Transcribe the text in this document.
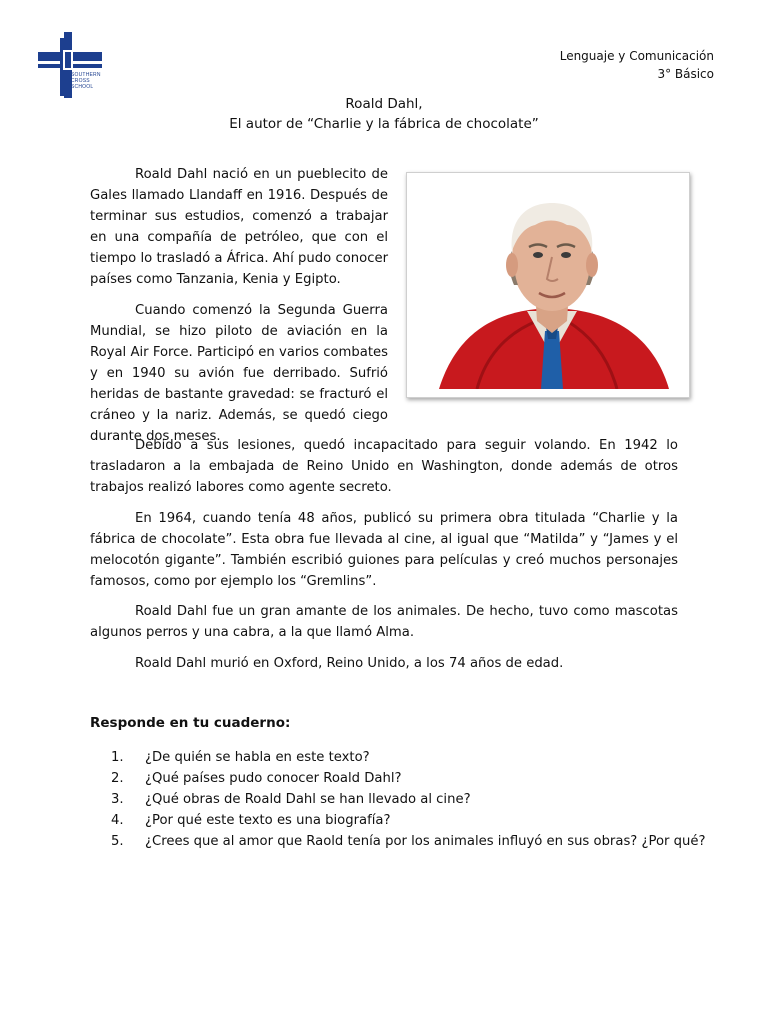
SOUTHERN
CROSS
SCHOOL
Lenguaje y Comunicación
3° Básico
Roald Dahl,
El autor de “Charlie y la fábrica de chocolate”

Roald Dahl nació en un pueblecito de Gales llamado Llandaff en 1916. Después de terminar sus estudios, comenzó a trabajar en una compañía de petróleo, que con el tiempo lo trasladó a África. Ahí pudo conocer países como Tanzania, Kenia y Egipto.

Cuando comenzó la Segunda Guerra Mundial, se hizo piloto de aviación en la Royal Air Force. Participó en varios combates y en 1940 su avión fue derribado. Sufrió heridas de bastante gravedad: se fracturó el cráneo y la nariz. Además, se quedó ciego durante dos meses.

Debido a sus lesiones, quedó incapacitado para seguir volando. En 1942 lo trasladaron a la embajada de Reino Unido en Washington, donde además de otros trabajos realizó labores como agente secreto.

En 1964, cuando tenía 48 años, publicó su primera obra titulada “Charlie y la fábrica de chocolate”. Esta obra fue llevada al cine, al igual que “Matilda” y “James y el melocotón gigante”. También escribió guiones para películas y creó muchos personajes famosos, como por ejemplo los “Gremlins”.

Roald Dahl fue un gran amante de los animales. De hecho, tuvo como mascotas algunos perros y una cabra, a la que llamó Alma.

Roald Dahl murió en Oxford, Reino Unido, a los 74 años de edad.

Responde en tu cuaderno:
1.	¿De quién se habla en este texto?
2.	¿Qué países pudo conocer Roald Dahl?
3.	¿Qué obras de Roald Dahl se han llevado al cine?
4.	¿Por qué este texto es una biografía?
5.	¿Crees que al amor que Raold tenía por los animales influyó en sus obras? ¿Por qué?
